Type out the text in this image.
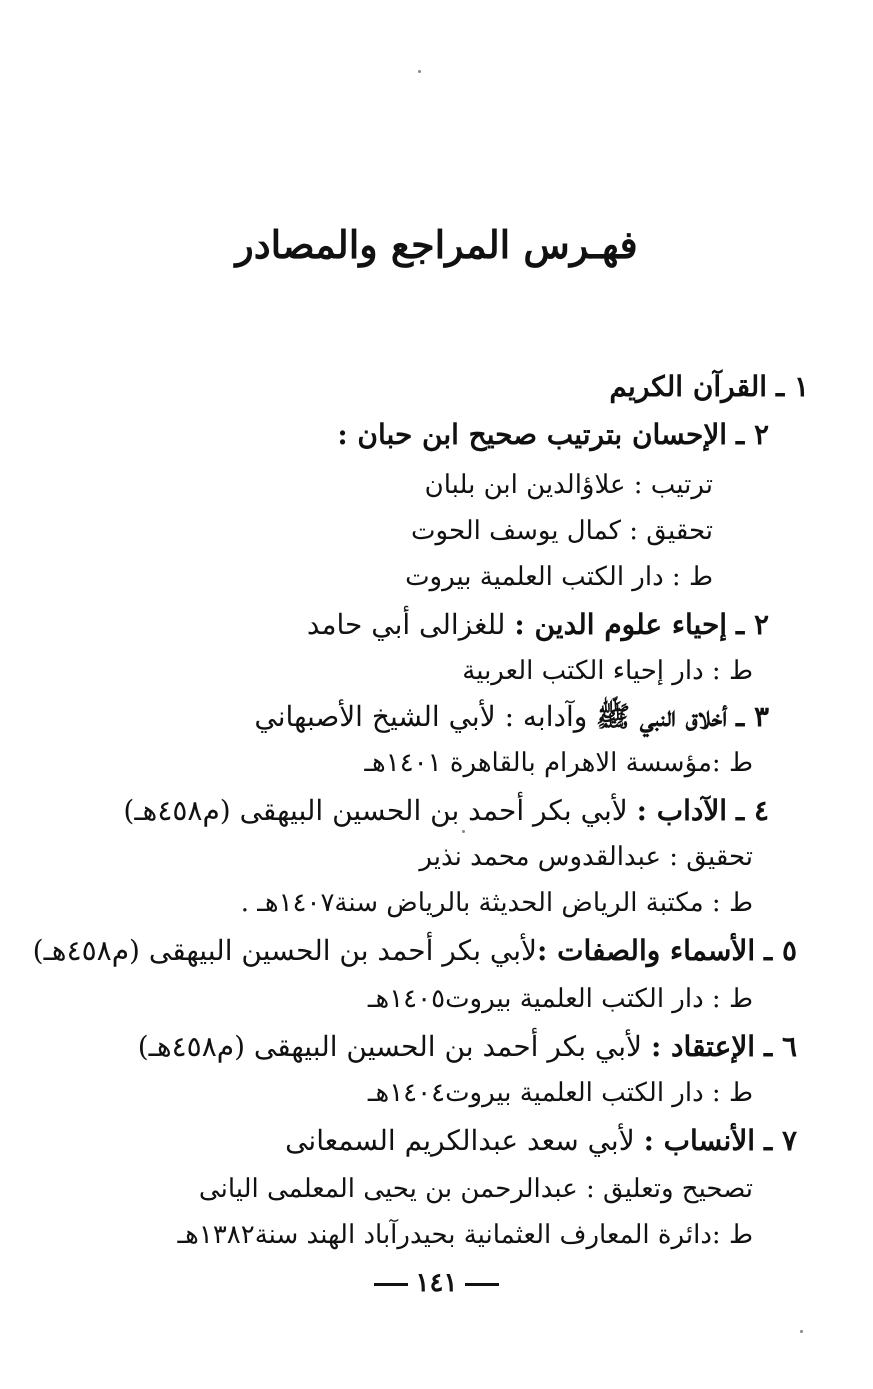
فهـرس المراجع والمصادر
١ ـ القرآن الكريم
٢ ـ الإحسان بترتيب صحيح ابن حبان :
ترتيب : علاؤالدين ابن بلبان
تحقيق : كمال يوسف الحوت
ط : دار الكتب العلمية بيروت
٢ ـ إحياء علوم الدين : للغزالى أبي حامد
ط : دار إحياء الكتب العربية
٣ ـ أخلاق النبي ﷺ وآدابه : لأبي الشيخ الأصبهاني
ط :مؤسسة الاهرام بالقاهرة ١٤٠١هـ
٤ ـ الآداب : لأبي بكر أحمد بن الحسين البيهقى (م٤٥٨هـ)
تحقيق : عبدالقدوس محمد نذير
ط : مكتبة الرياض الحديثة بالرياض سنة١٤٠٧هـ .
٥ ـ الأسماء والصفات :لأبي بكر أحمد بن الحسين البيهقى (م٤٥٨هـ)
ط : دار الكتب العلمية بيروت١٤٠٥هـ
٦ ـ الإعتقاد : لأبي بكر أحمد بن الحسين البيهقى (م٤٥٨هـ)
ط : دار الكتب العلمية بيروت١٤٠٤هـ
٧ ـ الأنساب : لأبي سعد عبدالكريم السمعانى
تصحيح وتعليق : عبدالرحمن بن يحيى المعلمى اليانى
ط :دائرة المعارف العثمانية بحيدرآباد الهند سنة١٣٨٢هـ
١٤١
